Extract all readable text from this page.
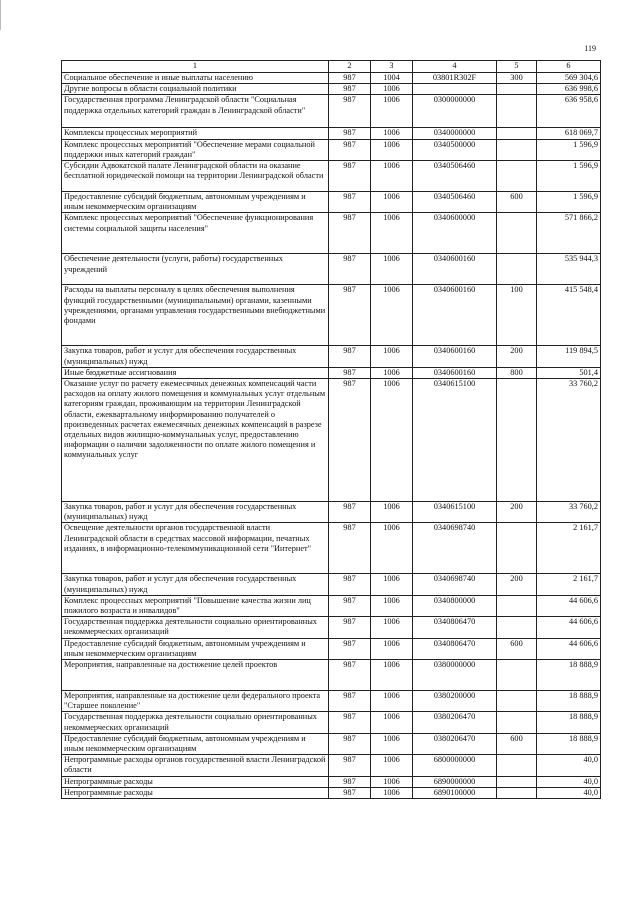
119
1	2	3	4	5	6
Социальное обеспечение и иные выплаты населению	987	1004	03801R302F	300	569 304,6
Другие вопросы в области социальной политики	987	1006			636 998,6
Государственная программа Ленинградской области "Социальная поддержка отдельных категорий граждан в Ленинградской области"	987	1006	0300000000		636 958,6
Комплексы процессных мероприятий	987	1006	0340000000		618 069,7
Комплекс процессных мероприятий "Обеспечение мерами социальной поддержки иных категорий граждан"	987	1006	0340500000		1 596,9
Субсидии Адвокатской палате Ленинградской области на оказание бесплатной юридической помощи на территории Ленинградской области	987	1006	0340506460		1 596,9
Предоставление субсидий бюджетным, автономным учреждениям и иным некоммерческим организациям	987	1006	0340506460	600	1 596,9
Комплекс процессных мероприятий "Обеспечение функционирования системы социальной защиты населения"	987	1006	0340600000		571 866,2
Обеспечение деятельности (услуги, работы) государственных учреждений	987	1006	0340600160		535 944,3
Расходы на выплаты персоналу в целях обеспечения выполнения функций государственными (муниципальными) органами, казенными учреждениями, органами управления государственными внебюджетными фондами	987	1006	0340600160	100	415 548,4
Закупка товаров, работ и услуг для обеспечения государственных (муниципальных) нужд	987	1006	0340600160	200	119 894,5
Иные бюджетные ассигнования	987	1006	0340600160	800	501,4
Оказание услуг по расчету ежемесячных денежных компенсаций части расходов на оплату жилого помещения и коммунальных услуг отдельным категориям граждан, проживающим на территории Ленинградской области, ежеквартальному информированию получателей о произведенных расчетах ежемесячных денежных компенсаций в разрезе отдельных видов жилищно-коммунальных услуг, предоставлению информации о наличии задолженности по оплате жилого помещения и коммунальных услуг	987	1006	0340615100		33 760,2
Закупка товаров, работ и услуг для обеспечения государственных (муниципальных) нужд	987	1006	0340615100	200	33 760,2
Освещение деятельности органов государственной власти Ленинградской области в средствах массовой информации, печатных изданиях, в информационно-телекоммуникационной сети "Интернет"	987	1006	0340698740		2 161,7
Закупка товаров, работ и услуг для обеспечения государственных (муниципальных) нужд	987	1006	0340698740	200	2 161,7
Комплекс процессных мероприятий "Повышение качества жизни лиц пожилого возраста и инвалидов"	987	1006	0340800000		44 606,6
Государственная поддержка деятельности социально ориентированных некоммерческих организаций	987	1006	0340806470		44 606,6
Предоставление субсидий бюджетным, автономным учреждениям и иным некоммерческим организациям	987	1006	0340806470	600	44 606,6
Мероприятия, направленные на достижение целей проектов	987	1006	0380000000		18 888,9
Мероприятия, направленные на достижение цели федерального проекта "Старшее поколение"	987	1006	0380200000		18 888,9
Государственная поддержка деятельности социально ориентированных некоммерческих организаций	987	1006	0380206470		18 888,9
Предоставление субсидий бюджетным, автономным учреждениям и иным некоммерческим организациям	987	1006	0380206470	600	18 888,9
Непрограммные расходы органов государственной власти Ленинградской области	987	1006	6800000000		40,0
Непрограммные расходы	987	1006	6890000000		40,0
Непрограммные расходы	987	1006	6890100000		40,0
